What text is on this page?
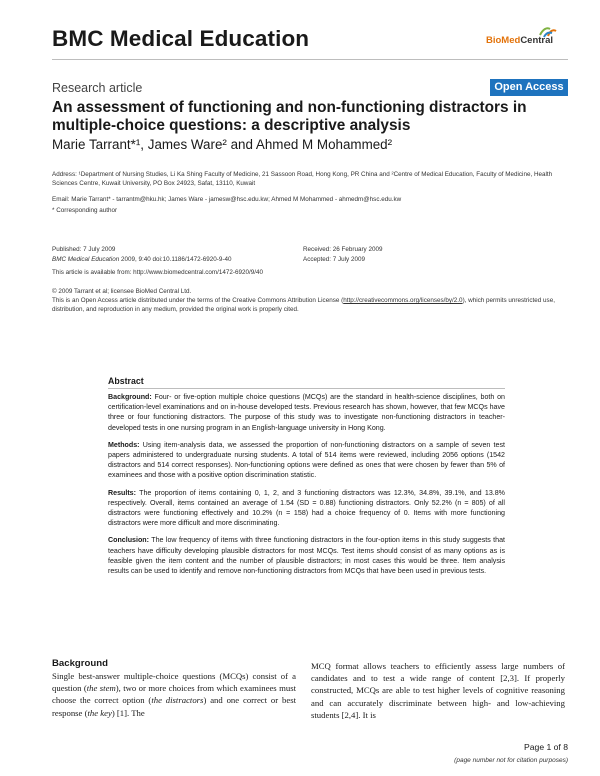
BMC Medical Education	BioMedCentral
Research article	Open Access
An assessment of functioning and non-functioning distractors in multiple-choice questions: a descriptive analysis
Marie Tarrant*¹, James Ware² and Ahmed M Mohammed²
Address: ¹Department of Nursing Studies, Li Ka Shing Faculty of Medicine, 21 Sassoon Road, Hong Kong, PR China and ²Centre of Medical Education, Faculty of Medicine, Health Sciences Centre, Kuwait University, PO Box 24923, Safat, 13110, Kuwait
Email: Marie Tarrant* - tarrantm@hku.hk; James Ware - jamesw@hsc.edu.kw; Ahmed M Mohammed - ahmedm@hsc.edu.kw
* Corresponding author
Published: 7 July 2009
BMC Medical Education 2009, 9:40 doi:10.1186/1472-6920-9-40
Received: 26 February 2009
Accepted: 7 July 2009
This article is available from: http://www.biomedcentral.com/1472-6920/9/40
© 2009 Tarrant et al; licensee BioMed Central Ltd.
This is an Open Access article distributed under the terms of the Creative Commons Attribution License (http://creativecommons.org/licenses/by/2.0), which permits unrestricted use, distribution, and reproduction in any medium, provided the original work is properly cited.
Abstract

Background: Four- or five-option multiple choice questions (MCQs) are the standard in health-science disciplines, both on certification-level examinations and on in-house developed tests. Previous research has shown, however, that few MCQs have three or four functioning distractors. The purpose of this study was to investigate non-functioning distractors in teacher-developed tests in one nursing program in an English-language university in Hong Kong.

Methods: Using item-analysis data, we assessed the proportion of non-functioning distractors on a sample of seven test papers administered to undergraduate nursing students. A total of 514 items were reviewed, including 2056 options (1542 distractors and 514 correct responses). Non-functioning options were defined as ones that were chosen by fewer than 5% of examinees and those with a positive option discrimination statistic.

Results: The proportion of items containing 0, 1, 2, and 3 functioning distractors was 12.3%, 34.8%, 39.1%, and 13.8% respectively. Overall, items contained an average of 1.54 (SD = 0.88) functioning distractors. Only 52.2% (n = 805) of all distractors were functioning effectively and 10.2% (n = 158) had a choice frequency of 0. Items with more functioning distractors were more difficult and more discriminating.

Conclusion: The low frequency of items with three functioning distractors in the four-option items in this study suggests that teachers have difficulty developing plausible distractors for most MCQs. Test items should consist of as many options as is feasible given the item content and the number of plausible distractors; in most cases this would be three. Item analysis results can be used to identify and remove non-functioning distractors from MCQs that have been used in previous tests.

Background

Single best-answer multiple-choice questions (MCQs) consist of a question (the stem), two or more choices from which examinees must choose the correct option (the distractors) and one correct or best response (the key) [1]. The

MCQ format allows teachers to efficiently assess large numbers of candidates and to test a wide range of content [2,3]. If properly constructed, MCQs are able to test higher levels of cognitive reasoning and can accurately discriminate between high- and low-achieving students [2,4]. It is

Page 1 of 8
(page number not for citation purposes)
